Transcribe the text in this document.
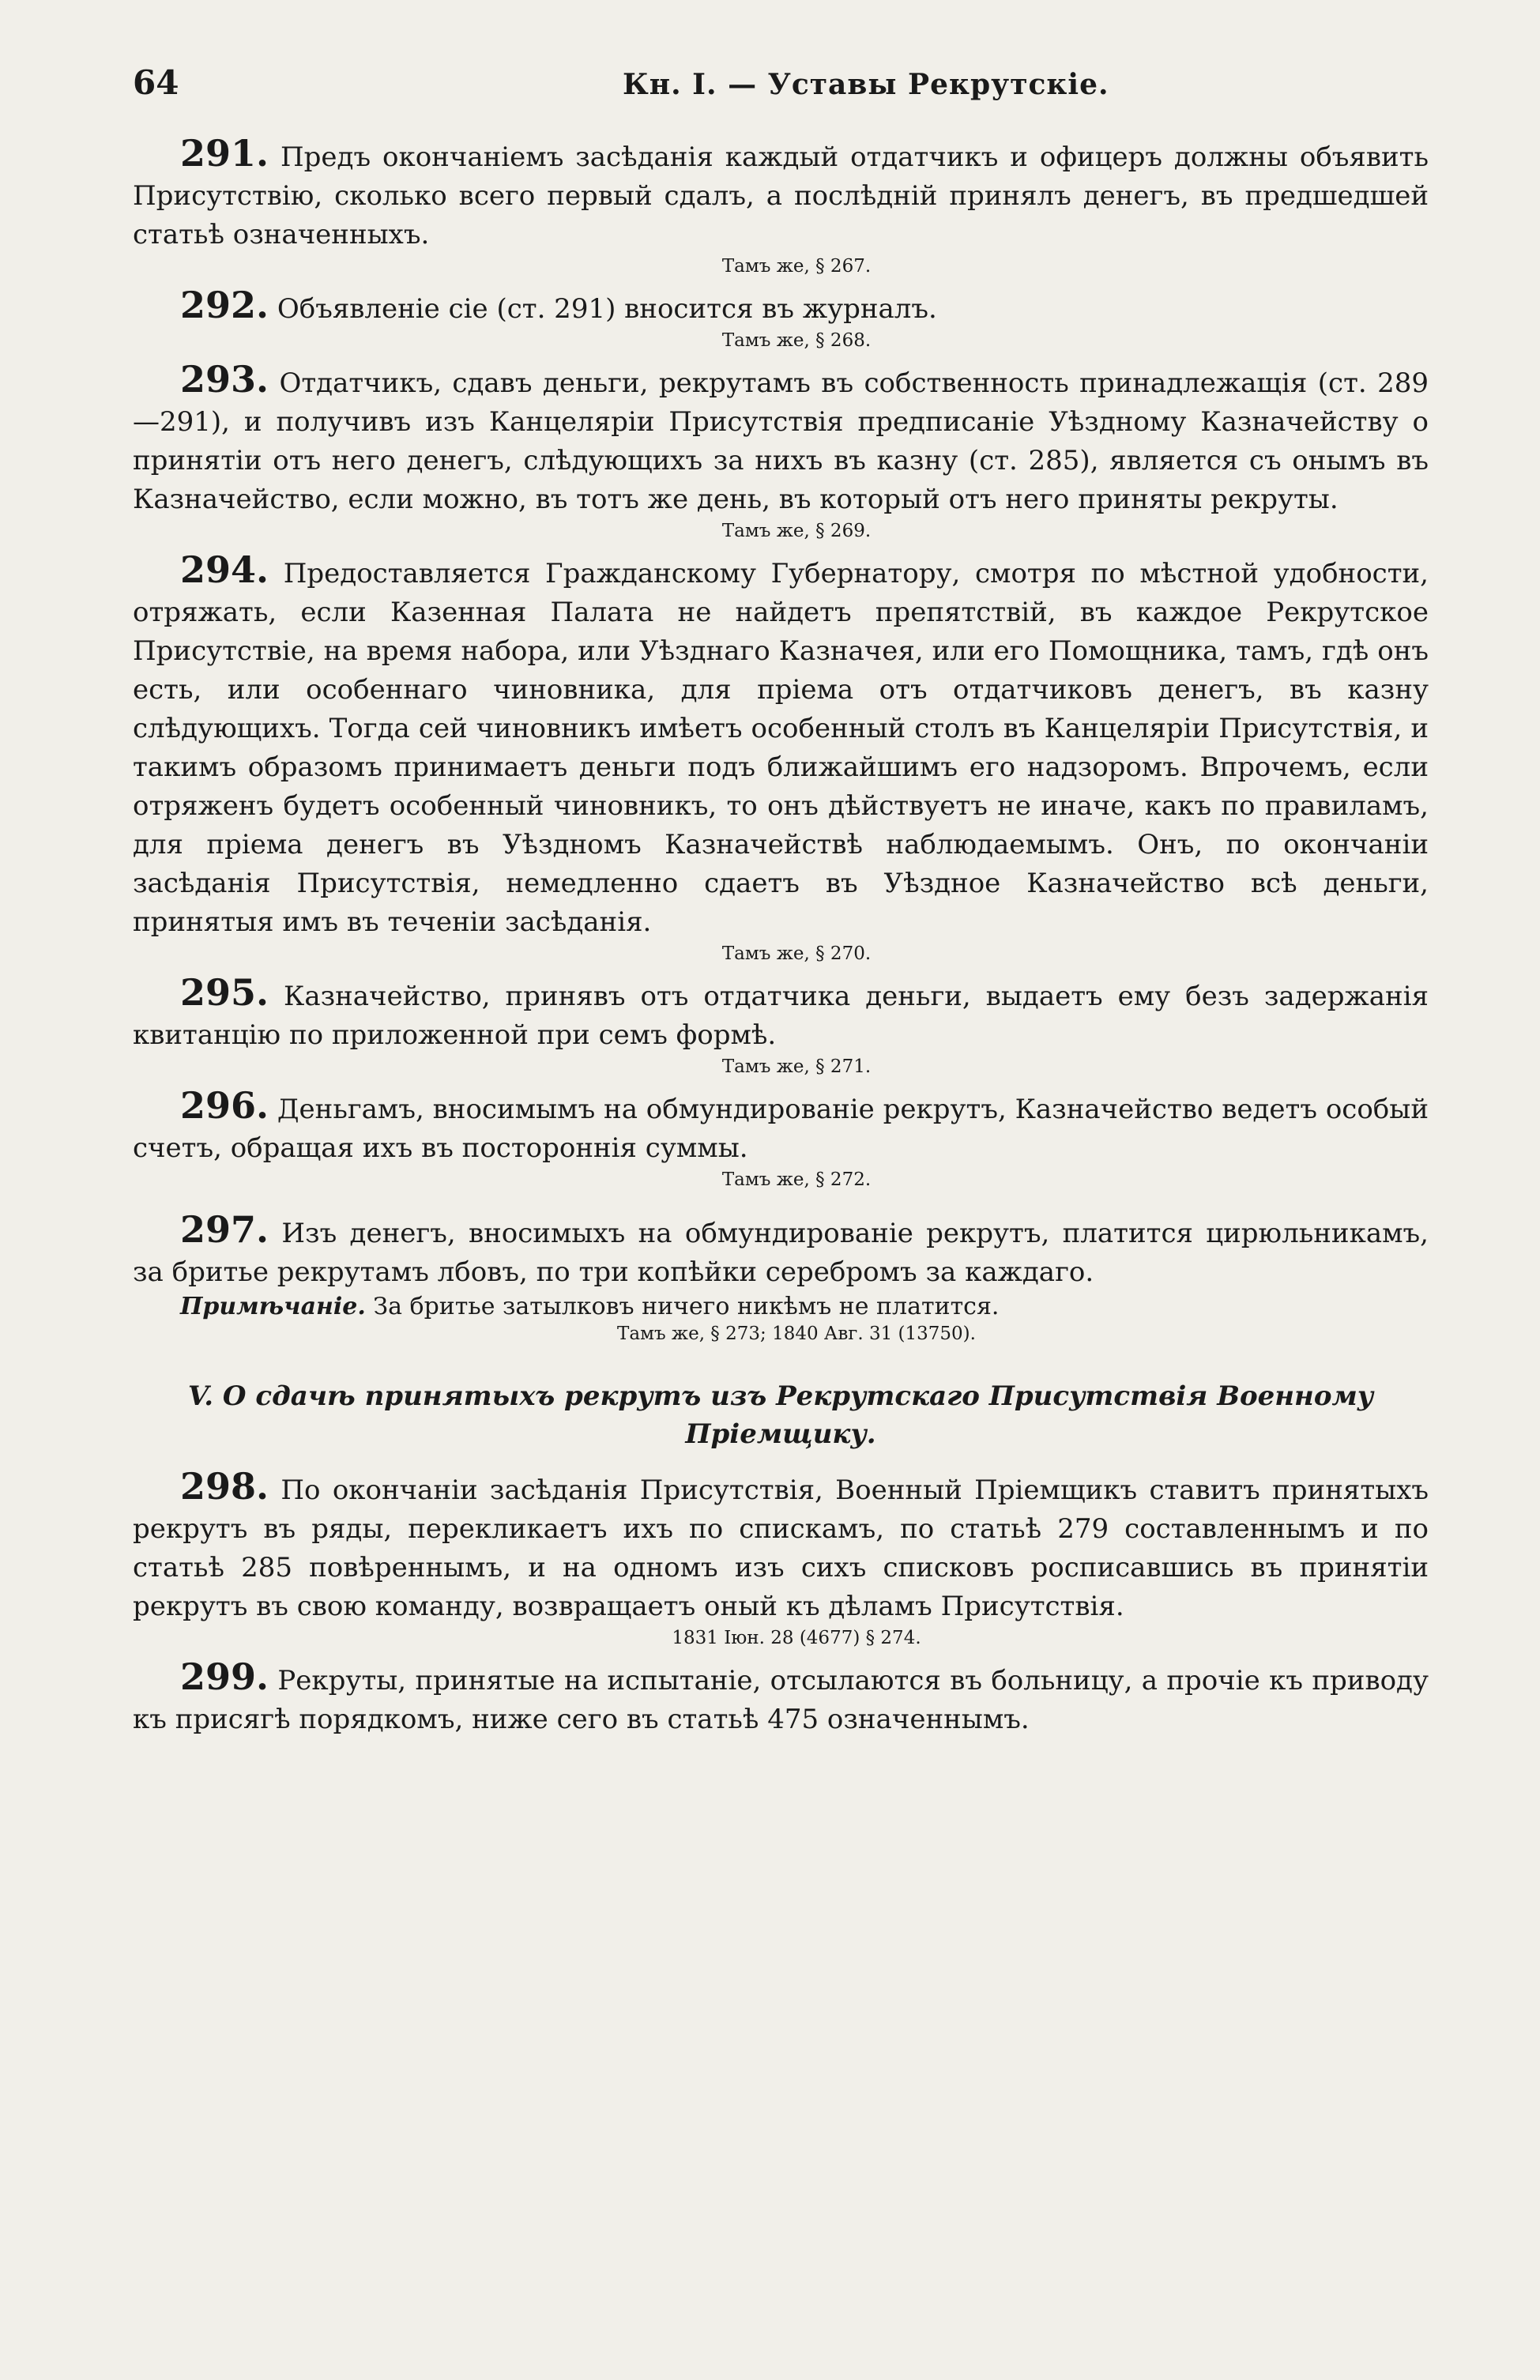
64	Кн. I. — Уставы Рекрутскіе.

291. Предъ окончаніемъ засѣданія каждый отдатчикъ и офицеръ должны объявить Присутствію, сколько всего первый сдалъ, а послѣдній принялъ денегъ, въ предшедшей статьѣ означенныхъ.

Тамъ же, § 267.

292. Объявленіе сіе (ст. 291) вносится въ журналъ.

Тамъ же, § 268.

293. Отдатчикъ, сдавъ деньги, рекрутамъ въ собственность принадлежащія (ст. 289—291), и получивъ изъ Канцеляріи Присутствія предписаніе Уѣздному Казначейству о принятіи отъ него денегъ, слѣдующихъ за нихъ въ казну (ст. 285), является съ онымъ въ Казначейство, если можно, въ тотъ же день, въ который отъ него приняты рекруты.

Тамъ же, § 269.

294. Предоставляется Гражданскому Губернатору, смотря по мѣстной удобности, отряжать, если Казенная Палата не найдетъ препятствій, въ каждое Рекрутское Присутствіе, на время набора, или Уѣзднаго Казначея, или его Помощника, тамъ, гдѣ онъ есть, или особеннаго чиновника, для пріема отъ отдатчиковъ денегъ, въ казну слѣдующихъ. Тогда сей чиновникъ имѣетъ особенный столъ въ Канцеляріи Присутствія, и такимъ образомъ принимаетъ деньги подъ ближайшимъ его надзоромъ. Впрочемъ, если отряженъ будетъ особенный чиновникъ, то онъ дѣйствуетъ не иначе, какъ по правиламъ, для пріема денегъ въ Уѣздномъ Казначействѣ наблюдаемымъ. Онъ, по окончаніи засѣданія Присутствія, немедленно сдаетъ въ Уѣздное Казначейство всѣ деньги, принятыя имъ въ теченіи засѣданія.

Тамъ же, § 270.

295. Казначейство, принявъ отъ отдатчика деньги, выдаетъ ему безъ задержанія квитанцію по приложенной при семъ формѣ.

Тамъ же, § 271.

296. Деньгамъ, вносимымъ на обмундированіе рекрутъ, Казначейство ведетъ особый счетъ, обращая ихъ въ постороннія суммы.

Тамъ же, § 272.

297. Изъ денегъ, вносимыхъ на обмундированіе рекрутъ, платится цирюльникамъ, за бритье рекрутамъ лбовъ, по три копѣйки серебромъ за каждаго.

Примѣчаніе. За бритье затылковъ ничего никѣмъ не платится.

Тамъ же, § 273; 1840 Авг. 31 (13750).

V. О сдачѣ принятыхъ рекрутъ изъ Рекрутскаго Присутствія Военному Пріемщику.

298. По окончаніи засѣданія Присутствія, Военный Пріемщикъ ставитъ принятыхъ рекрутъ въ ряды, перекликаетъ ихъ по спискамъ, по статьѣ 279 составленнымъ и по статьѣ 285 повѣреннымъ, и на одномъ изъ сихъ списковъ росписавшись въ принятіи рекрутъ въ свою команду, возвращаетъ оный къ дѣламъ Присутствія.

1831 Іюн. 28 (4677) § 274.

299. Рекруты, принятые на испытаніе, отсылаются въ больницу, а прочіе къ приводу къ присягѣ порядкомъ, ниже сего въ статьѣ 475 означеннымъ.
